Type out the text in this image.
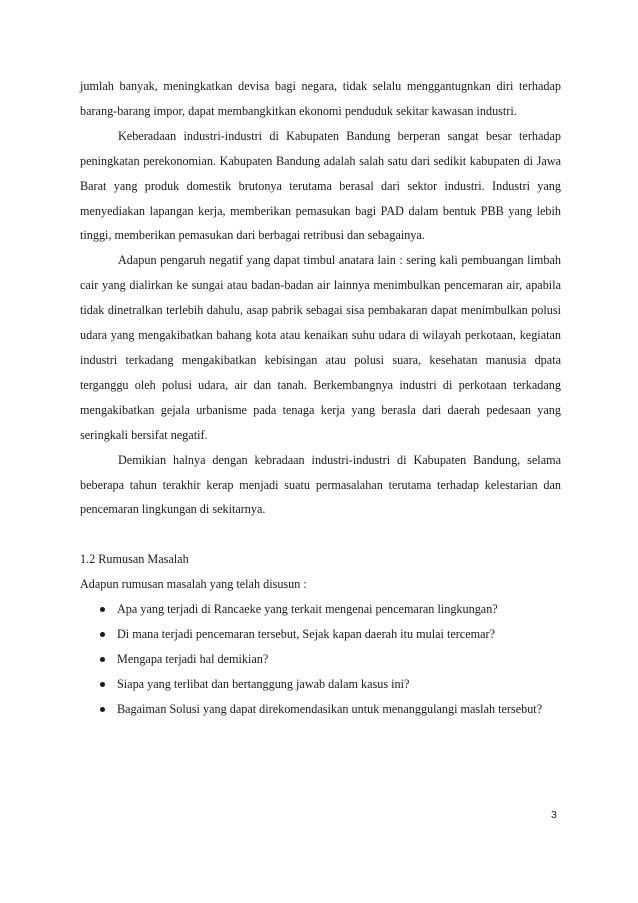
jumlah banyak, meningkatkan devisa bagi negara, tidak selalu menggantugnkan diri terhadap barang-barang impor, dapat membangkitkan ekonomi penduduk sekitar kawasan industri.

Keberadaan industri-industri di Kabupaten Bandung berperan sangat besar terhadap peningkatan perekonomian. Kabupaten Bandung adalah salah satu dari sedikit kabupaten di Jawa Barat yang produk domestik brutonya terutama berasal dari sektor industri. Industri yang menyediakan lapangan kerja, memberikan pemasukan bagi PAD dalam bentuk PBB yang lebih tinggi, memberikan pemasukan dari berbagai retribusi dan sebagainya.

Adapun pengaruh negatif yang dapat timbul anatara lain : sering kali pembuangan limbah cair yang dialirkan ke sungai atau badan-badan air lainnya menimbulkan pencemaran air, apabila tidak dinetralkan terlebih dahulu, asap pabrik sebagai sisa pembakaran dapat menimbulkan polusi udara yang mengakibatkan bahang kota atau kenaikan suhu udara di wilayah perkotaan, kegiatan industri terkadang mengakibatkan kebisingan atau polusi suara, kesehatan manusia dpata terganggu oleh polusi udara, air dan tanah. Berkembangnya industri di perkotaan terkadang mengakibatkan gejala urbanisme pada tenaga kerja yang berasla dari daerah pedesaan yang seringkali bersifat negatif.

Demikian halnya dengan kebradaan industri-industri di Kabupaten Bandung, selama beberapa tahun terakhir kerap menjadi suatu permasalahan terutama terhadap kelestarian dan pencemaran lingkungan di sekitarnya.

1.2 Rumusan Masalah
Adapun rumusan masalah yang telah disusun :
Apa yang terjadi di Rancaeke yang terkait mengenai pencemaran lingkungan?
Di mana terjadi pencemaran tersebut, Sejak kapan daerah itu mulai tercemar?
Mengapa terjadi hal demikian?
Siapa yang terlibat dan bertanggung jawab dalam kasus ini?
Bagaiman Solusi yang dapat direkomendasikan untuk menanggulangi maslah tersebut?
3
